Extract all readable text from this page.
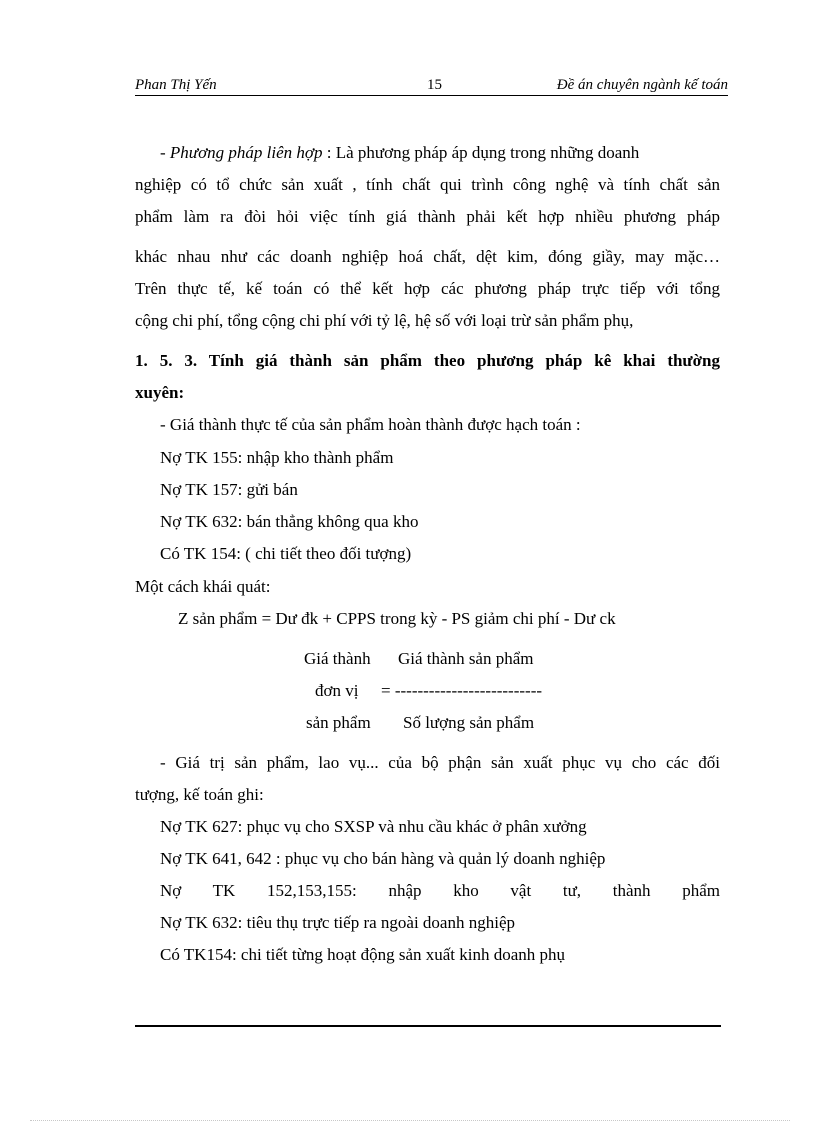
Phan Thị Yến	15	Đề án chuyên ngành kế toán
- Phương pháp liên hợp : Là phương pháp áp dụng trong những doanh
nghiệp có tổ chức sản xuất , tính chất qui trình công nghệ và tính chất sản
phẩm làm ra đòi hỏi việc tính giá thành phải kết hợp nhiều phương pháp
khác nhau như các doanh nghiệp hoá chất, dệt kim, đóng giầy, may mặc…
Trên thực tế, kế toán có thể kết hợp các phương pháp trực tiếp với tổng
cộng chi phí, tổng cộng chi phí với tỷ lệ, hệ số với loại trừ sản phẩm phụ,
1. 5. 3. Tính giá thành sản phẩm theo phương pháp kê khai thường
xuyên:
- Giá thành thực tế của sản phẩm hoàn thành được hạch toán :
Nợ TK 155: nhập kho thành phẩm
Nợ TK 157: gửi bán
Nợ TK 632: bán thẳng không qua kho
Có TK 154: ( chi tiết theo đối tượng)
Một cách khái quát:
Z sản phẩm = Dư đk + CPPS trong kỳ - PS giảm chi phí - Dư ck
Giá thành Giá thành sản phẩm
đơn vị = --------------------------
sản phẩm Số lượng sản phẩm
- Giá trị sản phẩm, lao vụ... của bộ phận sản xuất phục vụ cho các đối
tượng, kế toán ghi:
Nợ TK 627: phục vụ cho SXSP và nhu cầu khác ở phân xưởng
Nợ TK 641, 642 : phục vụ cho bán hàng và quản lý doanh nghiệp
Nợ TK 152,153,155: nhập kho vật tư, thành phẩm
Nợ TK 632: tiêu thụ trực tiếp ra ngoài doanh nghiệp
Có TK154: chi tiết từng hoạt động sản xuất kinh doanh phụ
